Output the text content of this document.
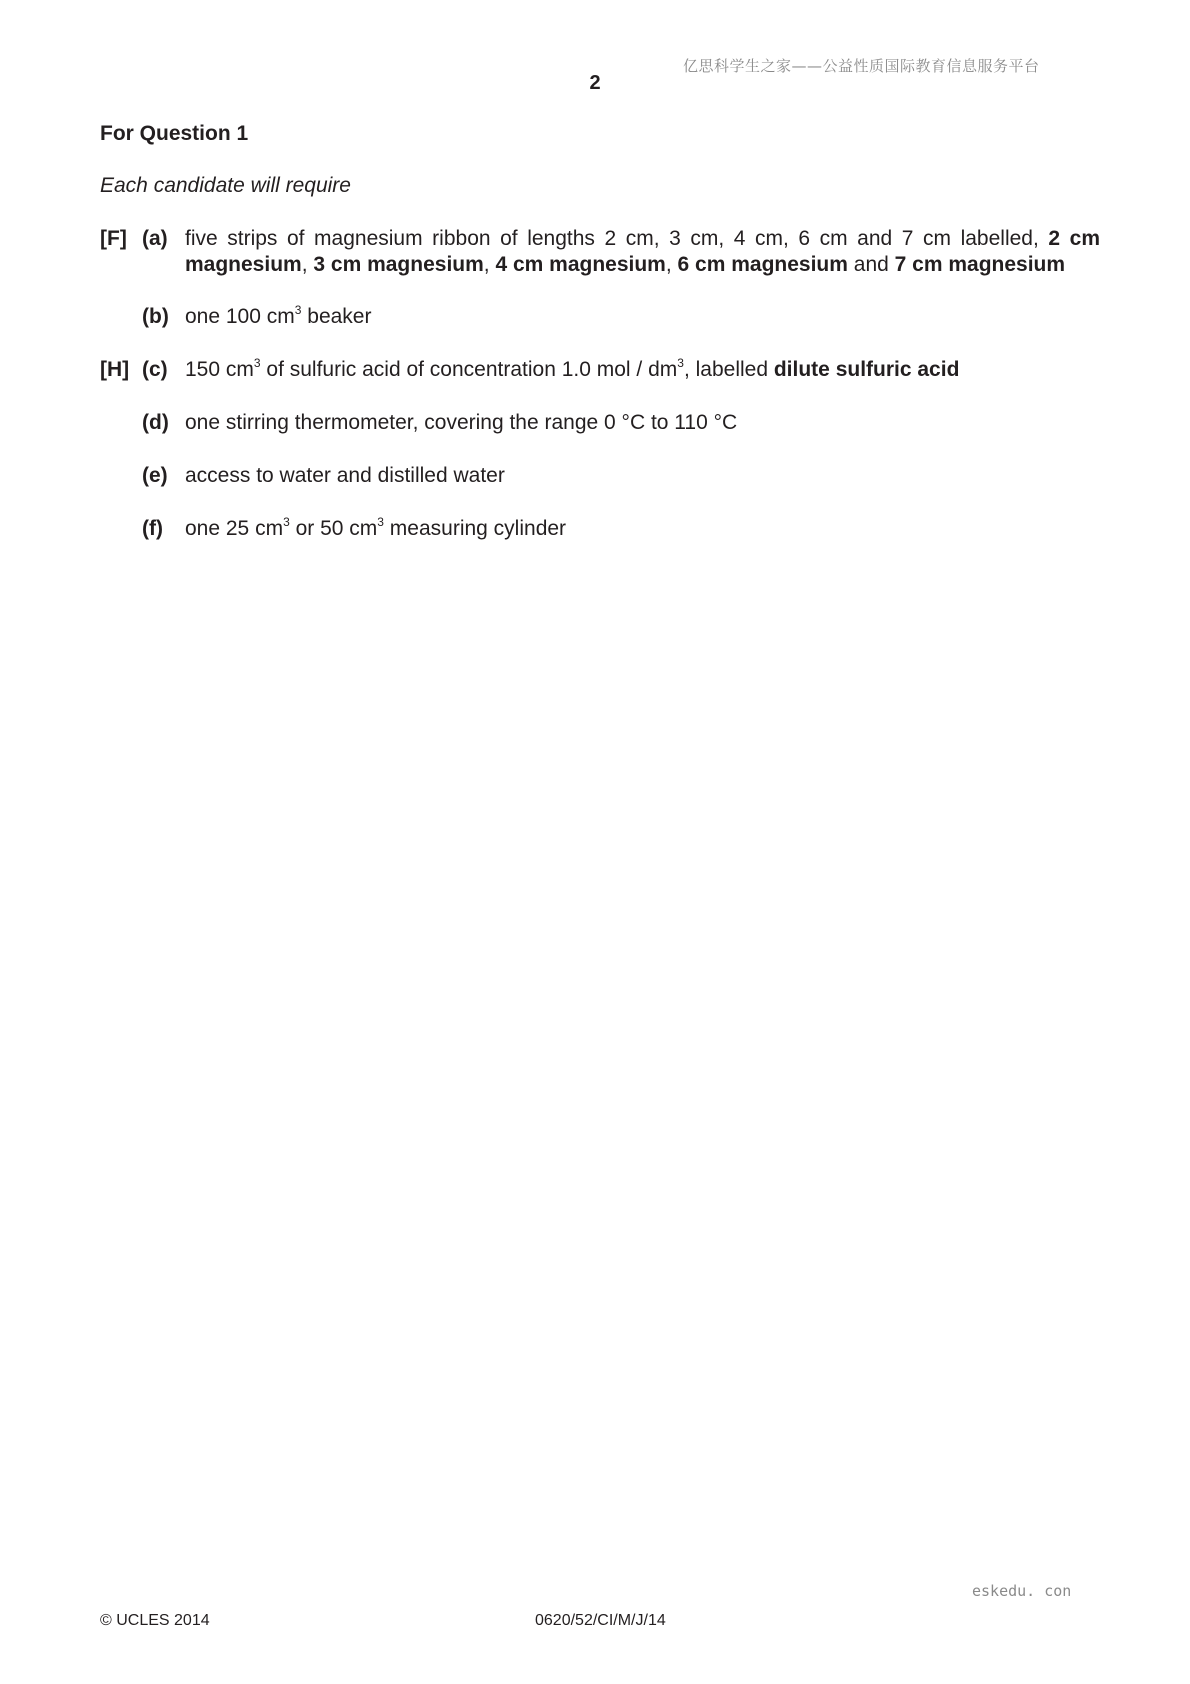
亿思科学生之家——公益性质国际教育信息服务平台
2
For Question 1
Each candidate will require
[F] (a) five strips of magnesium ribbon of lengths 2 cm, 3 cm, 4 cm, 6 cm and 7 cm labelled, 2 cm magnesium, 3 cm magnesium, 4 cm magnesium, 6 cm magnesium and 7 cm magnesium
(b) one 100 $cm^3$ beaker
[H] (c) 150 $cm^3$ of sulfuric acid of concentration 1.0 mol / $dm^3$, labelled dilute sulfuric acid
(d) one stirring thermometer, covering the range 0 °C to 110 °C
(e) access to water and distilled water
(f) one 25 $cm^3$ or 50 $cm^3$ measuring cylinder
eskedu. con
© UCLES 2014	0620/52/CI/M/J/14
